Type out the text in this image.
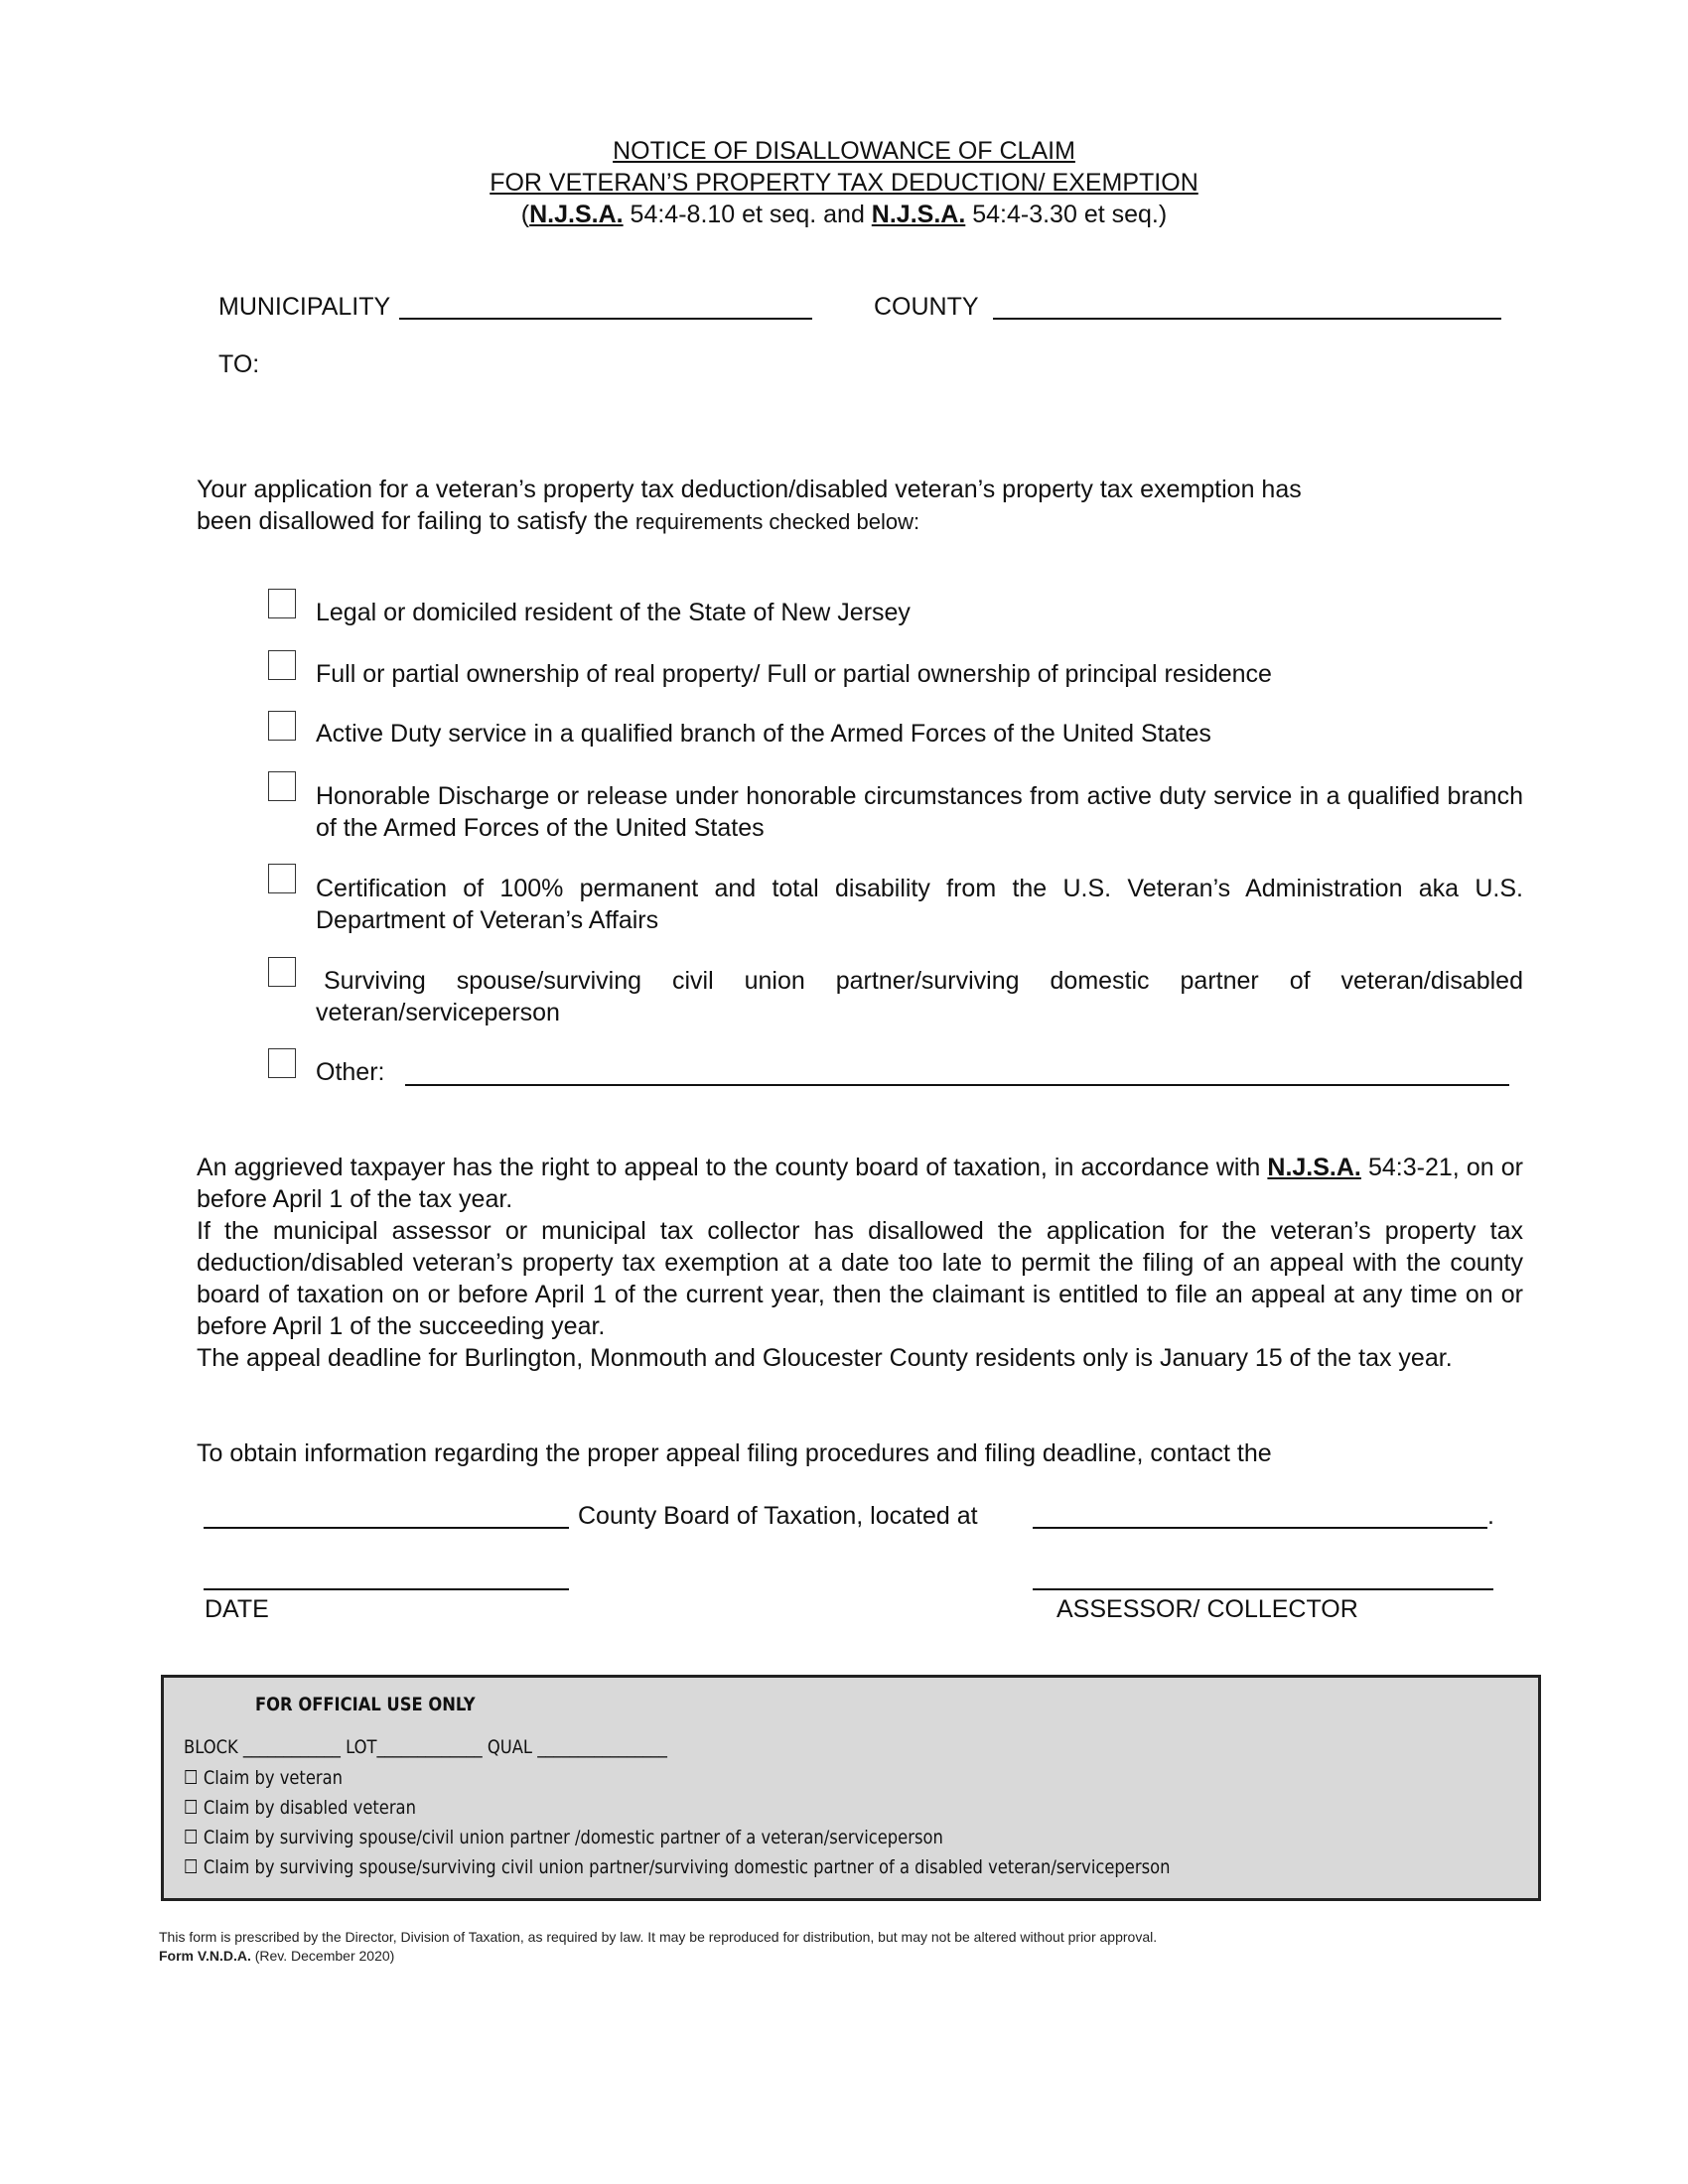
NOTICE OF DISALLOWANCE OF CLAIM
FOR VETERAN’S PROPERTY TAX DEDUCTION/ EXEMPTION
(N.J.S.A. 54:4-8.10 et seq. and N.J.S.A. 54:4-3.30 et seq.)
MUNICIPALITY	COUNTY
TO:
Your application for a veteran’s property tax deduction/disabled veteran’s property tax exemption has
been disallowed for failing to satisfy the requirements checked below:
Legal or domiciled resident of the State of New Jersey
Full or partial ownership of real property/ Full or partial ownership of principal residence
Active Duty service in a qualified branch of the Armed Forces of the United States
Honorable Discharge or release under honorable circumstances from active duty service in a qualified branch of the Armed Forces of the United States
Certification of 100% permanent and total disability from the U.S. Veteran’s Administration aka U.S. Department of Veteran’s Affairs
Surviving spouse/surviving civil union partner/surviving domestic partner of veteran/disabled veteran/serviceperson
Other:
An aggrieved taxpayer has the right to appeal to the county board of taxation, in accordance with N.J.S.A. 54:3-21, on or before April 1 of the tax year.
If the municipal assessor or municipal tax collector has disallowed the application for the veteran’s property tax deduction/disabled veteran’s property tax exemption at a date too late to permit the filing of an appeal with the county board of taxation on or before April 1 of the current year, then the claimant is entitled to file an appeal at any time on or before April 1 of the succeeding year.
The appeal deadline for Burlington, Monmouth and Gloucester County residents only is January 15 of the tax year.
To obtain information regarding the proper appeal filing procedures and filing deadline, contact the
County Board of Taxation, located at	.
DATE	ASSESSOR/ COLLECTOR
FOR OFFICIAL USE ONLY
BLOCK ____________ LOT_____________ QUAL ________________
☐ Claim by veteran
☐ Claim by disabled veteran
☐ Claim by surviving spouse/civil union partner /domestic partner of a veteran/serviceperson
☐ Claim by surviving spouse/surviving civil union partner/surviving domestic partner of a disabled veteran/serviceperson
This form is prescribed by the Director, Division of Taxation, as required by law. It may be reproduced for distribution, but may not be altered without prior approval.
Form V.N.D.A. (Rev. December 2020)
